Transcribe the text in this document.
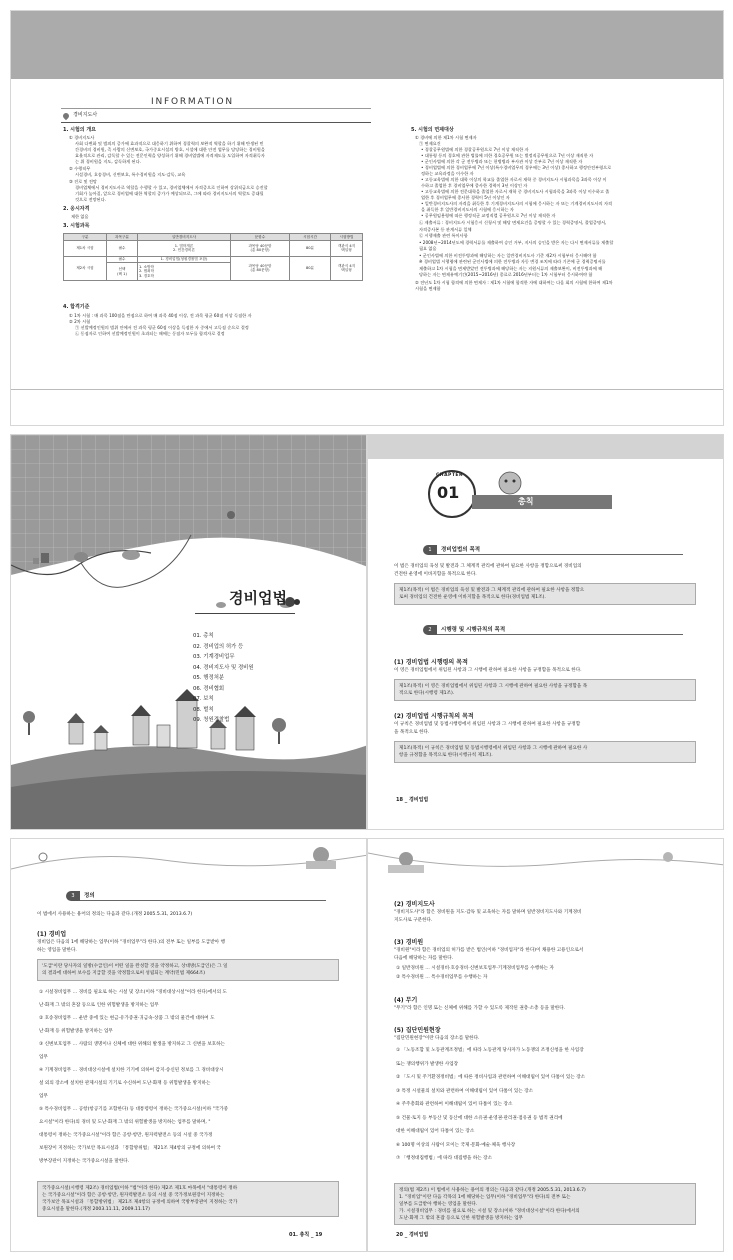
INFORMATION
경비지도사
1. 시험의 개요
① 경비지도사
사회 다변화 및 범죄의 증가에 효과적으로 대응하기 위하여 경찰력의 보완적 역할을 하기 위해 탄생된 민
간경비의 경비원, 즉 사람의 신변보호, 국가중요시설의 방호, 시설에 대한 안전 업무를 담당하는 경비원을
효율적으로 관리, 감독할 수 있는 전문인력을 양성하기 위해 경비업법에 자격제도를 도입하여 자격취득자
는 위 경비원을 지도, 감독하게 된다.
② 수행직무
시설경비, 호송경비, 신변보호, 특수경비원을 지도·감독, 교육
③ 진로 및 전망
경비업체에서 경비지도사로 역할을 수행할 수 있고, 경비업체에서 자격증으로 인하여 상위직급으로 승진할
기회가 높아질, 앞으로 경비업에 대한 역할의 증가가 예상되므로, 그에 따라 경비지도사의 역할도 증대될
것으로 전망된다.
2. 응시자격
제한 없음
3. 시험과목
구분	과목구분	일반경비지도사	문항수	시험시간	시험방법
제1차 시험	필수	1. 법학개론
2. 민간경비론	과목당 40문항
(총 80문항)	80분	객관식 4지
택일형
제2차 시험	필수	1. 경비업법(청원경찰법 포함)	과목당 40문항
(총 80문항)	80분	객관식 4지
택일형
	선택
(택 1)	1. 소방학
2. 범죄학
3. 경호학			
4. 합격기준
① 1차 시험 : 매 과목 100점을 만점으로 하여 매 과목 40점 이상, 전 과목 평균 60점 이상 득점한 자
② 2차 시험
㉠ 선발예정인원의 범위 안에서 전 과목 평균 60점 이상을 득점한 자 중에서 고득점 순으로 결정
㉡ 동점자로 인하여 선발예정인원이 초과되는 때에는 동점자 모두를 합격자로 결정
5. 시험의 면제대상
① 경비에 의한 제1차 시험 면제자
㉠ 면제요건
• 경찰공무원법에 의한 경찰공무원으로 7년 이상 재직한 자
• 대통령 등의 경호에 관한 법률에 의한 경호공무원 또는 별정직공무원으로 7년 이상 재직한 자
• 군인사법에 의한 각 군 전투병과 또는 헌병병과 부사관 이상 간부로 7년 이상 재직한 자
• 경비업법에 의한 경비업무에 7년 이상(특수경비업무의 경우에는 3년 이상) 종사하고 행정안전부령으로
정하는 교육과정을 이수한 자
• 고등교육법에 의한 대학 이상의 학교를 졸업한 자로서 재학 중 경비지도사 시험과목을 3과목 이상 이
수하고 졸업한 후 경비업무에 종사한 경력이 3년 이상인 자
• 고등교육법에 의한 전문대학을 졸업한 자로서 재학 중 경비지도사 시험과목을 3과목 이상 이수하고 졸
업한 후 경비업무에 종사한 경력이 5년 이상인 자
• 일반경비지도사의 자격을 취득한 후 기계경비지도사의 시험에 응시하는 자 또는 기계경비지도사의 자격
을 취득한 후 일반경비지도사의 시험에 응시하는 자
• 공무원임용령에 따른 행정직군 교정직렬 공무원으로 7년 이상 재직한 자
㉡ 제출서류 : 경비지도사 시험응시 신청서 및 해당 면제요건을 증명할 수 있는 경력증명서, 졸업증명서,
자격증사본 등 관계서류 일체
㉢ 시행제출 관련 특이사항
• 2008년~2014년도에 경력서류를 제출하여 승인 거부, 지사의 승인을 받은 자는 다시 면제서류를 제출할
필요 없음
• 군인사법에 의한 비전투병과에 해당하는 자는 일반경비지도사 기준 재2차 시험부터 응시해야 함
※ 경비업법 시행령에 관련된 군인사법에 의한 전투병과 자동 변경 조치에 따라 기존에 군 경력증명서를
제출하고 1차 시험을 면제받았던 전투병과에 해당하는 자는 지원서류의 제출보완이, 비전투병과에 해
당하는 자는 면제유예기간(2015~2016년) 종료로 2016년부터는 1차 시험부터 응시하여야 함
② 전년도 1차 시험 합격에 의한 면제자 : 제1차 시험에 합격한 자에 대하여는 다음 회의 시험에 한하여 제1차
시험을 면제함
경비업법
01. 총칙
02. 경비업의 허가 등
03. 기계경비업무
04. 경비지도사 및 경비원
05. 행정처분
06. 경비협회
07. 보칙
08. 벌칙
09. 청원경찰법
CHAPTER
01	총칙
1	경비업법의 목적
이 법은 경비업의 육성 및 발전과 그 체계적 관리에 관하여 필요한 사항을 정함으로써 경비업의
건전한 운영에 이바지함을 목적으로 한다.
제1조(목적) 이 법은 경비업의 육성 및 발전과 그 체계적 관리에 관하여 필요한 사항을 정함으
로써 경비업의 건전한 운영에 이바지함을 목적으로 한다(경비업법 제1조).
2	시행령 및 시행규칙의 목적
(1) 경비업법 시행령의 목적
이 영은 경비업법에서 위임된 사항과 그 시행에 관하여 필요한 사항을 규정함을 목적으로 한다.
제1조(목적) 이 영은 경비업법에서 위임된 사항과 그 시행에 관하여 필요한 사항을 규정함을 목
적으로 한다(시행령 제1조).
(2) 경비업법 시행규칙의 목적
이 규칙은 경비업법 및 동법시행령에서 위임된 사항과 그 시행에 관하여 필요한 사항을 규정함
을 목적으로 한다.
제1조(목적) 이 규칙은 경비업법 및 동법시행령에서 위임된 사항과 그 시행에 관하여 필요한 사
항을 규정함을 목적으로 한다(시행규칙 제1조).
18 _ 경비업법
3	정의
이 법에서 사용하는 용어의 정의는 다음과 같다.(개정 2005.5.31, 2013.6.7)
(1) 경비업
경비업은 다음의 1에 해당하는 업무(이하 "경비업무"라 한다.)의 전부 또는 일부를 도급받아 행
하는 영업을 말한다.
'도급'이란 당사자의 일방(수급인)이 어떤 일을 완성할 것을 약정하고, 상대방(도급인)은 그 일
의 결과에 대하여 보수를 지급할 것을 약정함으로써 성립되는 계약(민법 제664조)
① 시설경비업무 … 경비를 필요로 하는 시설 및 장소(이하 "경비대상시설"이라 한다)에서의 도
난·화재 그 밖의 혼잡 등으로 인한 위험발생을 방지하는 업무
② 호송경비업무 … 운반 중에 있는 현금·유가증권·귀금속·상품 그 밖의 물건에 대하여 도
난·화재 등 위험발생을 방지하는 업무
③ 신변보호업무 … 사람의 생명이나 신체에 대한 위해의 발생을 방지하고 그 신변을 보호하는
업무
④ 기계경비업무 … 경비대상시설에 설치한 기기에 의하여 감지·송신된 정보를 그 경비대상시
설 외의 장소에 설치한 관제시설의 기기로 수신하여 도난·화재 등 위험발생을 방지하는
업무
⑤ 특수경비업무 … 공항(항공기를 포함한다) 등 대통령령이 정하는 국가중요시설(이하 "국가중
요시설"이라 한다)의 경비 및 도난·화재 그 밖의 위험발생을 방지하는 업무를 말하며, "
대통령이 정하는 국가중요시설"이라 함은 공항·항만, 원자력발전소 등의 시설 중 국가정
보원장이 지정하는 국가보안 목표시설과 「통합방위법」 제21조 제4항의 규정에 의하여 국
방부장관이 지정하는 국가중요시설을 말한다.
국가중요시설(시행령 제2조) 경비업법(이하 "법"이라 한다) 제2조 제1호 마목에서 "대통령이 정하
는 국가중요시설"이라 함은 공항·항만, 원자력발전소 등의 시설 중 국가정보원장이 지정하는
국가보안 목표시설과 「통합방위법」 제21조 제4항의 규정에 의하여 국방부장관이 지정하는 국가
중요시설을 말한다.(개정 2003.11.11, 2009.11.17)
01. 총칙 _ 19
(2) 경비지도사
"경비지도사"라 함은 경비원을 지도·감독 및 교육하는 자를 말하며 일반경비지도사와 기계경비
지도사로 구분한다.
(3) 경비원
"경비원"이라 함은 경비업의 허가를 받은 법인(이하 "경비업자"라 한다)이 채용한 고용인으로서
다음에 해당하는 자를 말한다.
① 일반경비원 … 시설경비·호송경비·신변보호업무·기계경비업무를 수행하는 자
② 특수경비원 … 특수경비업무를 수행하는 자
(4) 무기
"무기"라 함은 인명 또는 신체에 위해를 가할 수 있도록 제작된 권총·소총 등을 말한다.
(5) 집단민원현장
"집단민원현장"이란 다음의 장소를 말한다.
① 「노동조합 및 노동관계조정법」에 따라 노동관계 당사자가 노동쟁의 조정신청을 한 사업장
또는 쟁의행위가 발생한 사업장
② 「도시 및 주거환경정비법」에 따른 정비사업과 관련하여 이해대립이 있어 다툼이 있는 장소
③ 특정 시설물의 설치와 관련하여 이해대립이 있어 다툼이 있는 장소
④ 주주총회와 관련하여 이해대립이 있어 다툼이 있는 장소
⑤ 건물·토지 등 부동산 및 동산에 대한 소유권·운영권·관리권·점유권 등 법적 권리에
대한 이해대립이 있어 다툼이 있는 장소
⑥ 100명 이상의 사람이 모이는 국제·문화·예술·체육 행사장
⑦ 「행정대집행법」에 따라 대집행을 하는 장소
정의(법 제2조) 이 법에서 사용하는 용어의 정의는 다음과 같다.(개정 2005.5.31, 2013.6.7)
1. "경비업"이란 다음 각목의 1에 해당하는 업무(이하 "경비업무"라 한다)의 전부 또는
일부를 도급받아 행하는 영업을 말한다.
가. 시설경비업무 : 경비를 필요로 하는 시설 및 장소(이하 "경비대상시설"이라 한다)에서의
도난·화재 그 밖의 혼잡 등으로 인한 위험발생을 방지하는 업무
20 _ 경비업법
